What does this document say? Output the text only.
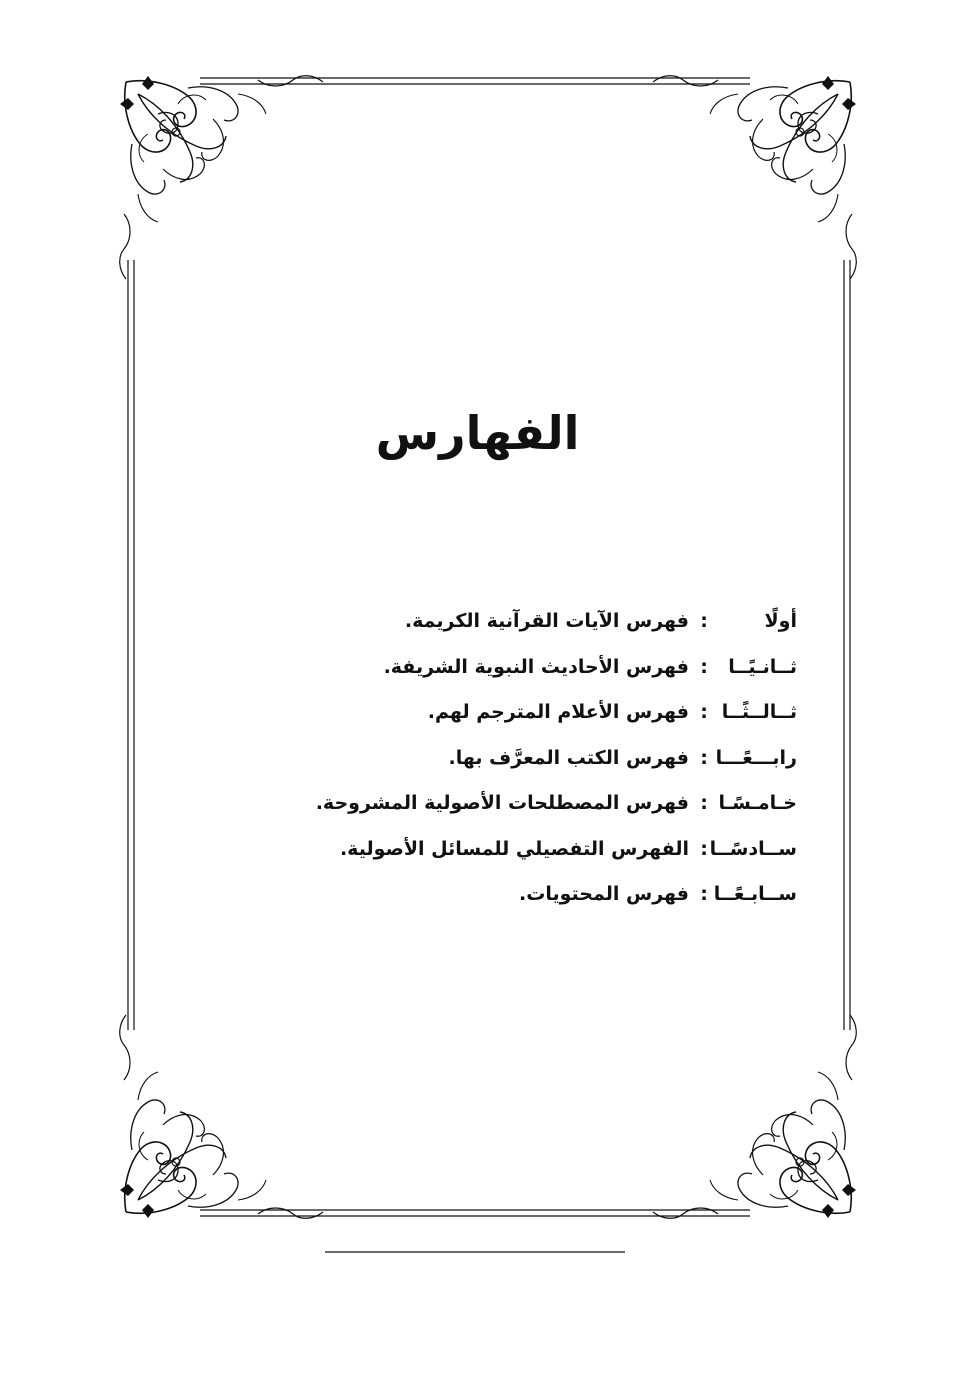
الفهارس
أولًا
:
فهرس الآيات القرآنية الكريمة.
ثــانـيًــا
:
فهرس الأحاديث النبوية الشريفة.
ثــالــثًــا
:
فهرس الأعلام المترجم لهم.
رابـــعًـــا
:
فهرس الكتب المعرَّف بها.
خـامـسًـا
:
فهرس المصطلحات الأصولية المشروحة.
ســادسًــا
:
الفهرس التفصيلي للمسائل الأصولية.
ســابـعًــا
:
فهرس المحتويات.
